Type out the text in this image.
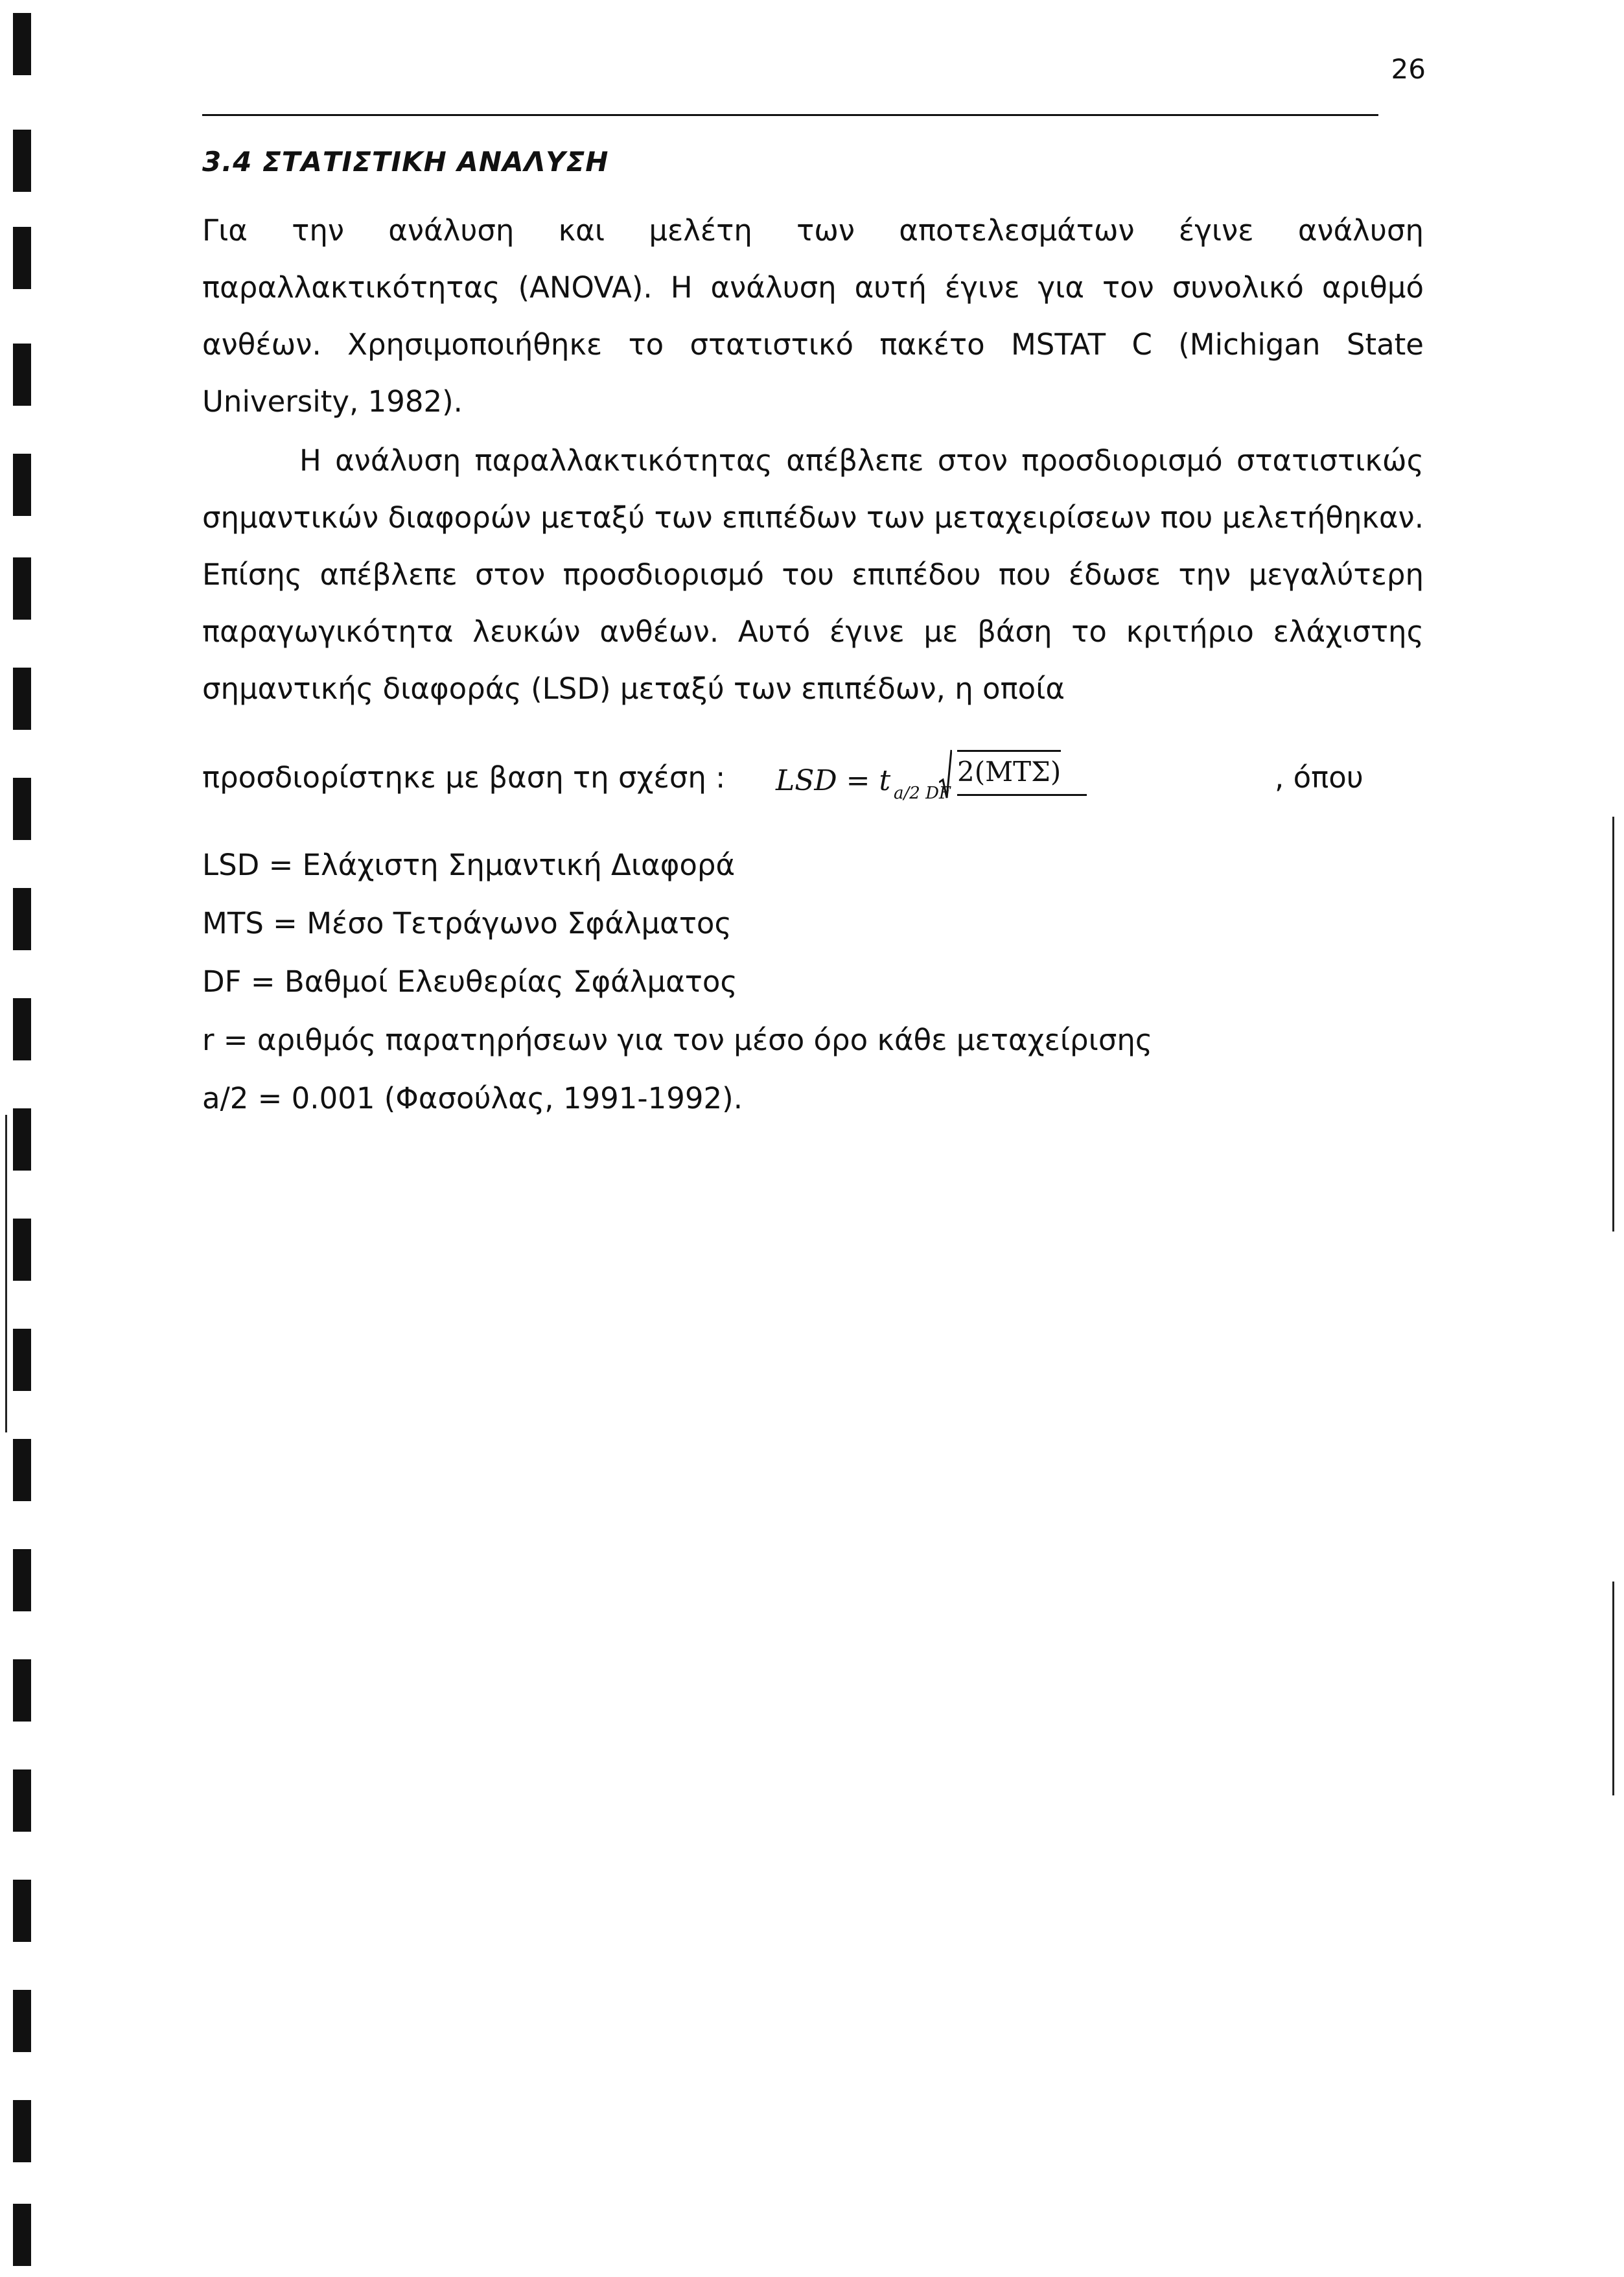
26
3.4 ΣΤΑΤΙΣΤΙΚΗ ΑΝΑΛΥΣΗ
Για την ανάλυση και μελέτη των αποτελεσμάτων έγινε ανάλυση παραλλακτικότητας (ANOVA). Η ανάλυση αυτή έγινε για τον συνολικό αριθμό ανθέων. Χρησιμοποιήθηκε το στατιστικό πακέτο MSTAT C (Michigan State University, 1982).
Η ανάλυση παραλλακτικότητας απέβλεπε στον προσδιορισμό στατιστικώς σημαντικών διαφορών μεταξύ των επιπέδων των μεταχειρίσεων που μελετήθηκαν. Επίσης απέβλεπε στον προσδιορισμό του επιπέδου που έδωσε την μεγαλύτερη παραγωγικότητα λευκών ανθέων. Αυτό έγινε με βάση το κριτήριο ελάχιστης σημαντικής διαφοράς (LSD) μεταξύ των επιπέδων, η οποία
προσδιορίστηκε με βαση τη σχέση : LSD = t a/2 DF
2(MTΣ)	, όπου
LSD = Ελάχιστη Σημαντική Διαφορά
MTS = Μέσο Τετράγωνο Σφάλματος
DF = Βαθμοί Ελευθερίας Σφάλματος
r = αριθμός παρατηρήσεων για τον μέσο όρο κάθε μεταχείρισης
a/2 = 0.001 (Φασούλας, 1991-1992).
